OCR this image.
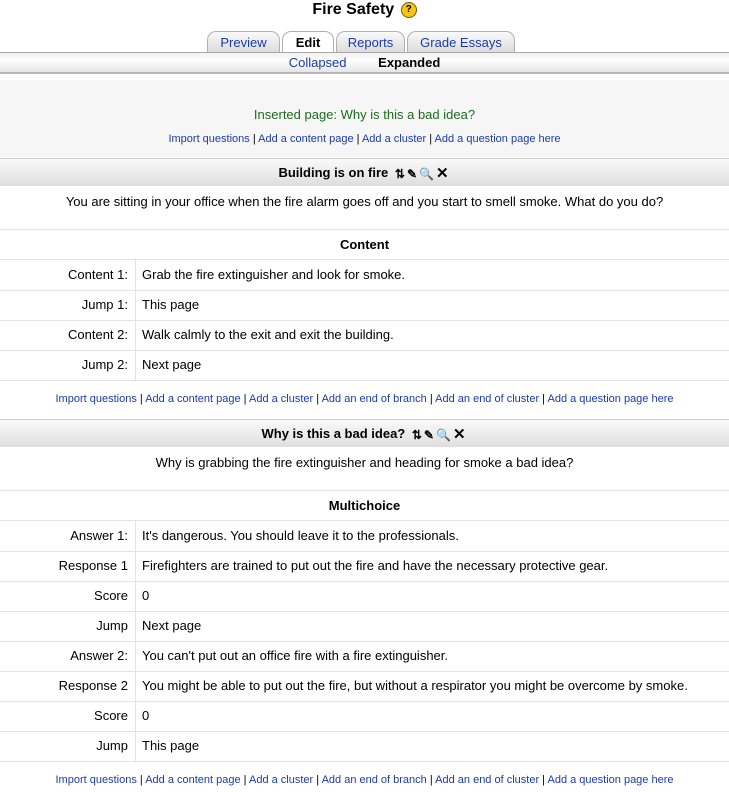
Fire Safety ?
Preview	Edit	Reports	Grade Essays
Collapsed Expanded
Inserted page: Why is this a bad idea?
Import questions | Add a content page | Add a cluster | Add a question page here
Building is on fire ⇅ ✎ 🔍 ✕
You are sitting in your office when the fire alarm goes off and you start to smell smoke. What do you do?
Content
Content 1: Grab the fire extinguisher and look for smoke.
Jump 1: This page
Content 2: Walk calmly to the exit and exit the building.
Jump 2: Next page
Import questions | Add a content page | Add a cluster | Add an end of branch | Add an end of cluster | Add a question page here
Why is this a bad idea? ⇅ ✎ 🔍 ✕
Why is grabbing the fire extinguisher and heading for smoke a bad idea?
Multichoice
Answer 1: It's dangerous. You should leave it to the professionals.
Response 1 Firefighters are trained to put out the fire and have the necessary protective gear.
Score 0
Jump Next page
Answer 2: You can't put out an office fire with a fire extinguisher.
Response 2 You might be able to put out the fire, but without a respirator you might be overcome by smoke.
Score 0
Jump This page
Import questions | Add a content page | Add a cluster | Add an end of branch | Add an end of cluster | Add a question page here
